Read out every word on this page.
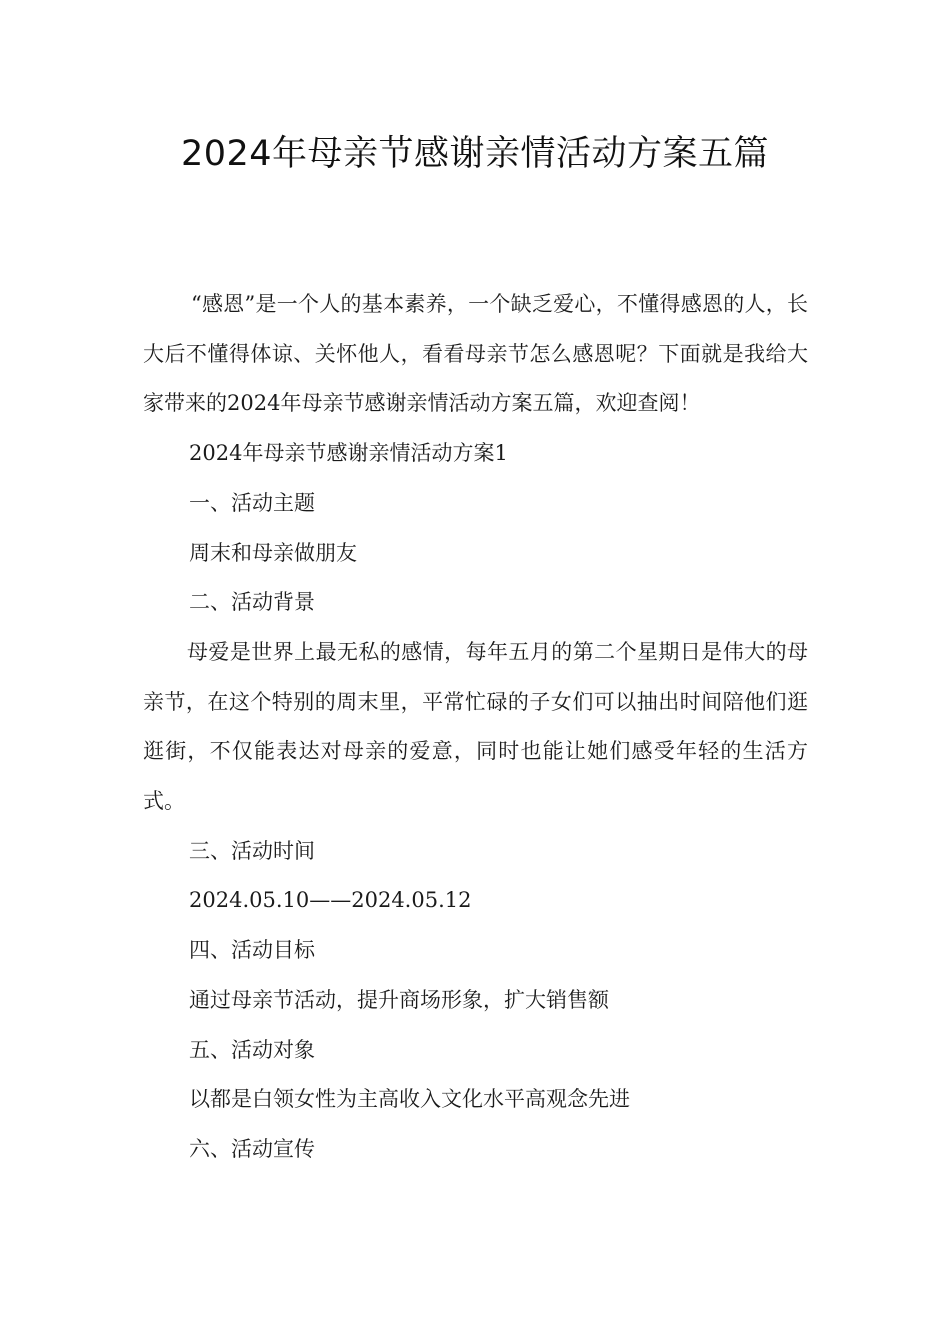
2024年母亲节感谢亲情活动方案五篇

“感恩”是一个人的基本素养，一个缺乏爱心，不懂得感恩的人，长大后不懂得体谅、关怀他人，看看母亲节怎么感恩呢？下面就是我给大家带来的2024年母亲节感谢亲情活动方案五篇，欢迎查阅！

2024年母亲节感谢亲情活动方案1

一、活动主题

周末和母亲做朋友

二、活动背景

母爱是世界上最无私的感情，每年五月的第二个星期日是伟大的母亲节，在这个特别的周末里，平常忙碌的子女们可以抽出时间陪他们逛逛街，不仅能表达对母亲的爱意，同时也能让她们感受年轻的生活方式。

三、活动时间

2024.05.10——2024.05.12

四、活动目标

通过母亲节活动，提升商场形象，扩大销售额

五、活动对象

以都是白领女性为主高收入文化水平高观念先进

六、活动宣传
